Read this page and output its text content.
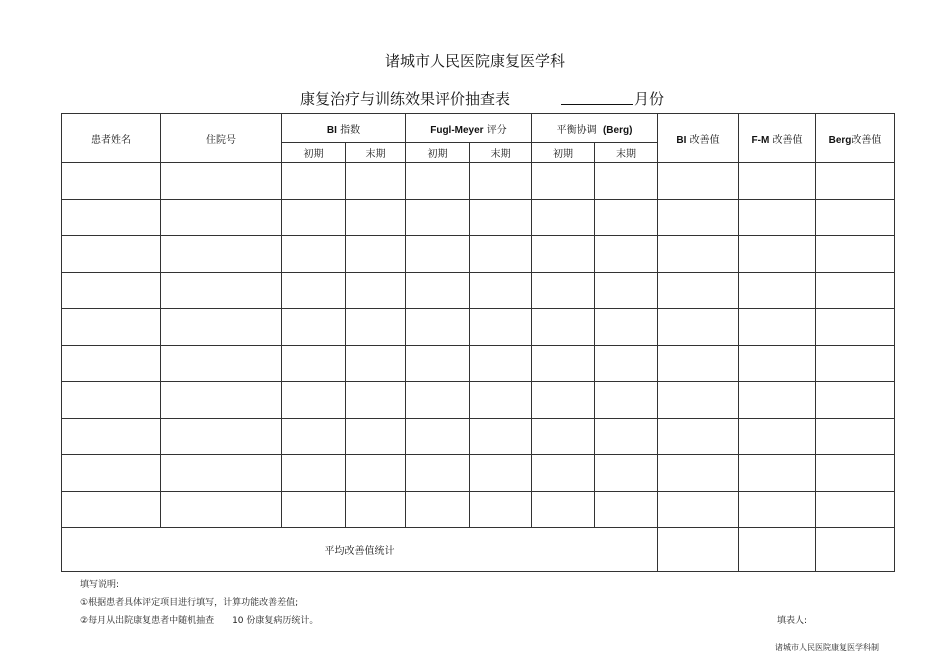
诸城市人民医院康复医学科
康复治疗与训练效果评价抽查表	月份
患者姓名	住院号	BI 指数		Fugl-Meyer 评分		平衡协调 (Berg)		BI 改善值	F-M 改善值	Berg改善值
		初期	末期	初期	末期	初期	末期			

平均改善值统计										
填写说明:
①根据患者具体评定项目进行填写，计算功能改善差值;
②每月从出院康复患者中随机抽查　　10 份康复病历统计。	填表人:
诸城市人民医院康复医学科制
